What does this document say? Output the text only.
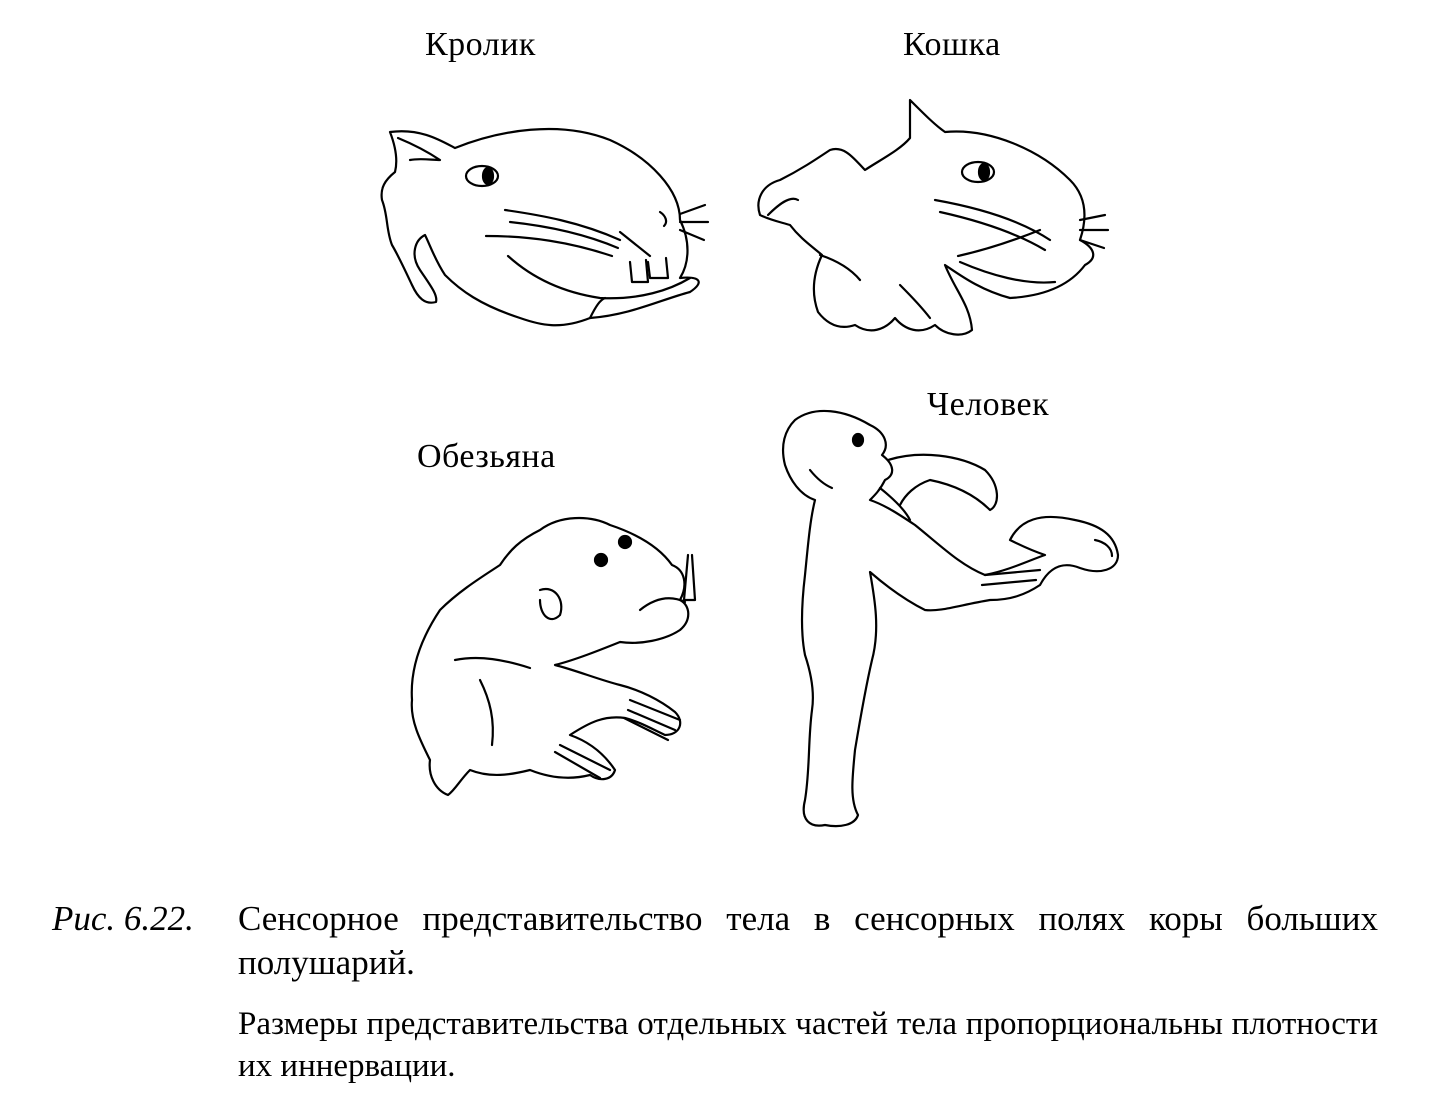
Кролик	Кошка
Человек
Обезьяна
Рис. 6.22. Сенсорное представительство тела в сенсорных полях коры больших полушарий.
Размеры представительства отдельных частей тела пропорциональны плотности их иннервации.
